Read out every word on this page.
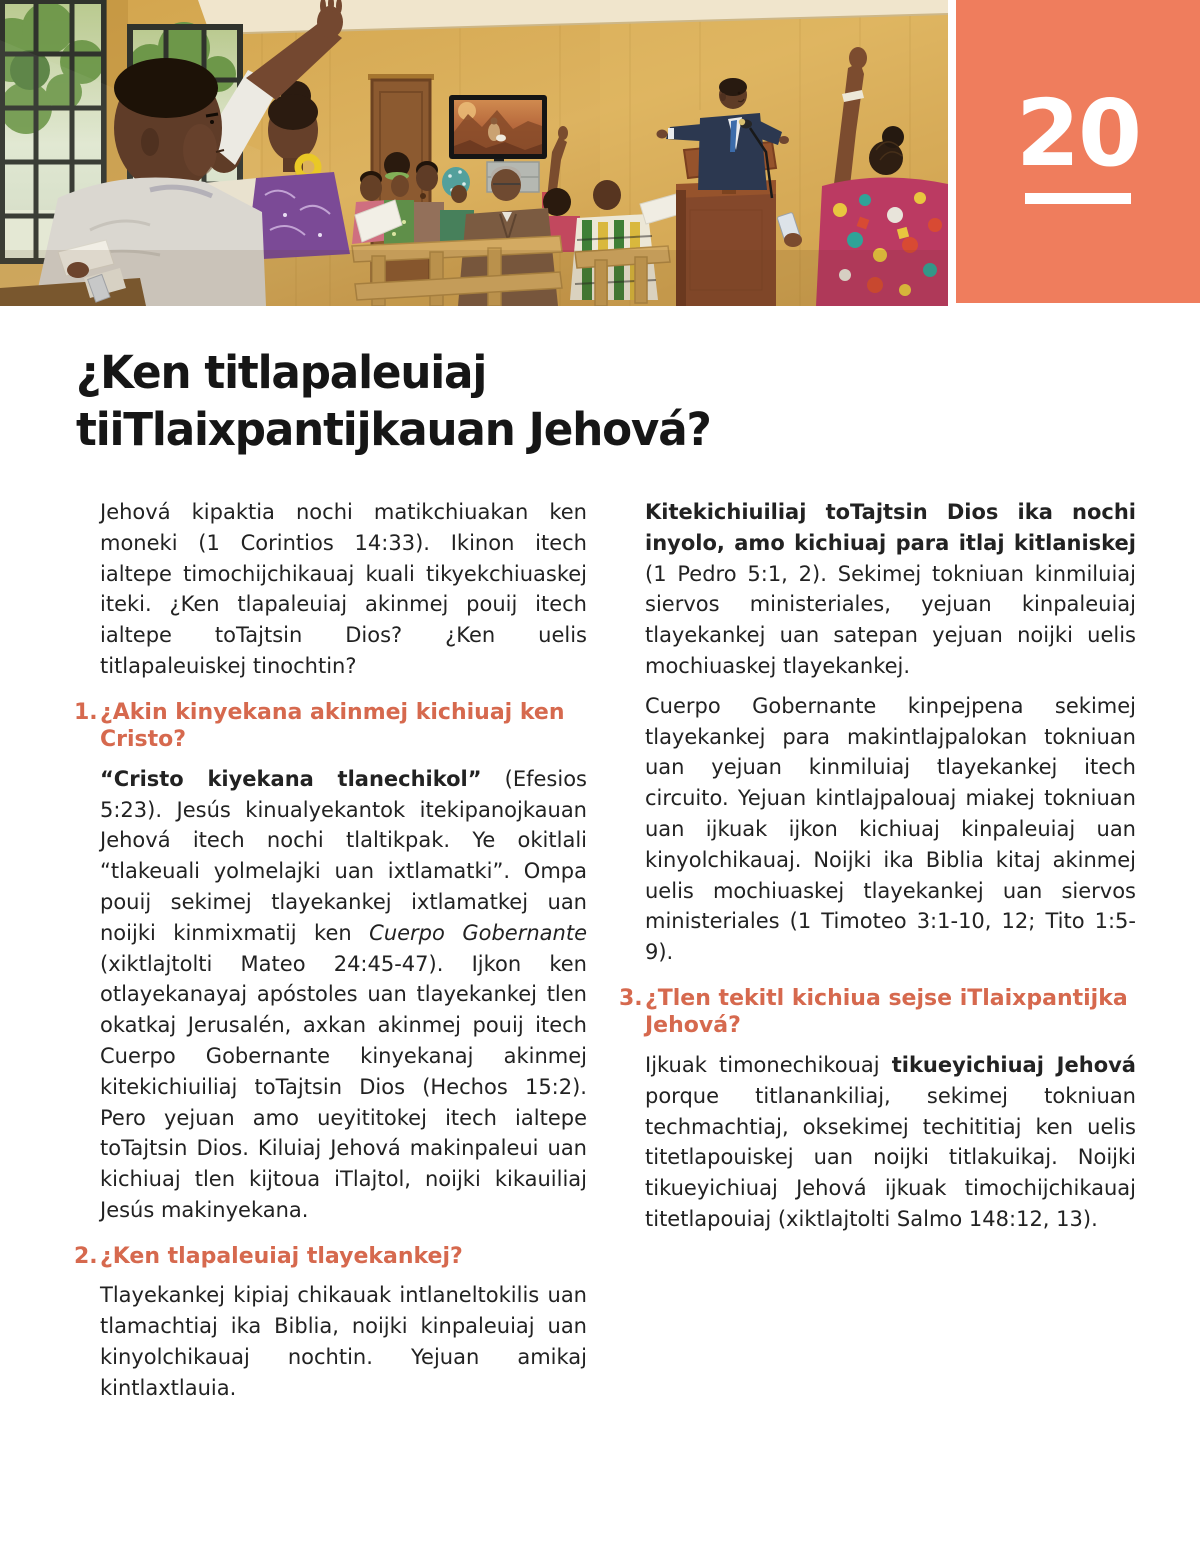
20
¿Ken titlapaleuiaj tiiTlaixpantijkauan Jehová?

Jehová kipaktia nochi matikchiuakan ken moneki (1 Corintios 14:33). Ikinon itech ialtepe timochijchikauaj kuali tikyekchiuaskej iteki. ¿Ken tlapaleuiaj akinmej pouij itech ialtepe toTajtsin Dios? ¿Ken uelis titlapaleuiskej tinochtin?

1. ¿Akin kinyekana akinmej kichiuaj ken Cristo?

“Cristo kiyekana tlanechikol” (Efesios 5:23). Jesús kinualyekantok itekipanojkauan Jehová itech nochi tlaltikpak. Ye okitlali “tlakeuali yolmelajki uan ixtlamatki”. Ompa pouij sekimej tlayekankej ixtlamatkej uan noijki kinmixmatij ken Cuerpo Gobernante (xiktlajtolti Mateo 24:45-47). Ijkon ken otlayekanayaj apóstoles uan tlayekankej tlen okatkaj Jerusalén, axkan akinmej pouij itech Cuerpo Gobernante kinyekanaj akinmej kitekichiuiliaj toTajtsin Dios (Hechos 15:2). Pero yejuan amo ueyititokej itech ialtepe toTajtsin Dios. Kiluiaj Jehová makinpaleui uan kichiuaj tlen kijtoua iTlajtol, noijki kikauiliaj Jesús makinyekana.

2. ¿Ken tlapaleuiaj tlayekankej?

Tlayekankej kipiaj chikauak intlaneltokilis uan tlamachtiaj ika Biblia, noijki kinpaleuiaj uan kinyolchikauaj nochtin. Yejuan amikaj kintlaxtlauia.

Kitekichiuiliaj toTajtsin Dios ika nochi inyolo, amo kichiuaj para itlaj kitlaniskej (1 Pedro 5:1, 2). Sekimej tokniuan kinmiluiaj siervos ministeriales, yejuan kinpaleuiaj tlayekankej uan satepan yejuan noijki uelis mochiuaskej tlayekankej.

Cuerpo Gobernante kinpejpena sekimej tlayekankej para makintlajpalokan tokniuan uan yejuan kinmiluiaj tlayekankej itech circuito. Yejuan kintlajpalouaj miakej tokniuan uan ijkuak ijkon kichiuaj kinpaleuiaj uan kinyolchikauaj. Noijki ika Biblia kitaj akinmej uelis mochiuaskej tlayekankej uan siervos ministeriales (1 Timoteo 3:1-10, 12; Tito 1:5-9).

3. ¿Tlen tekitl kichiua sejse iTlaixpantijka Jehová?

Ijkuak timonechikouaj tikueyichiuaj Jehová porque titlanankiliaj, sekimej tokniuan techmachtiaj, oksekimej techititiaj ken uelis titetlapouiskej uan noijki titlakuikaj. Noijki tikueyichiuaj Jehová ijkuak timochijchikauaj titetlapouiaj (xiktlajtolti Salmo 148:12, 13).
